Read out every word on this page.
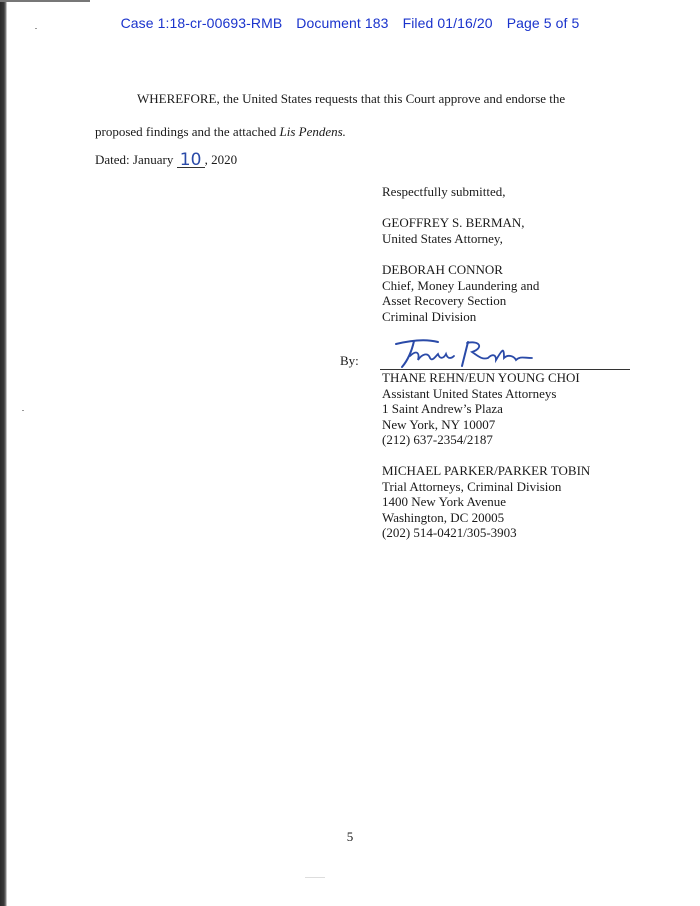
Case 1:18-cr-00693-RMB Document 183 Filed 01/16/20 Page 5 of 5
WHEREFORE, the United States requests that this Court approve and endorse the
proposed findings and the attached Lis Pendens.
Dated: January 10 , 2020
Respectfully submitted,
GEOFFREY S. BERMAN,
United States Attorney,
DEBORAH CONNOR
Chief, Money Laundering and
Asset Recovery Section
Criminal Division
By:
THANE REHN/EUN YOUNG CHOI
Assistant United States Attorneys
1 Saint Andrew’s Plaza
New York, NY 10007
(212) 637-2354/2187
MICHAEL PARKER/PARKER TOBIN
Trial Attorneys, Criminal Division
1400 New York Avenue
Washington, DC 20005
(202) 514-0421/305-3903
5
